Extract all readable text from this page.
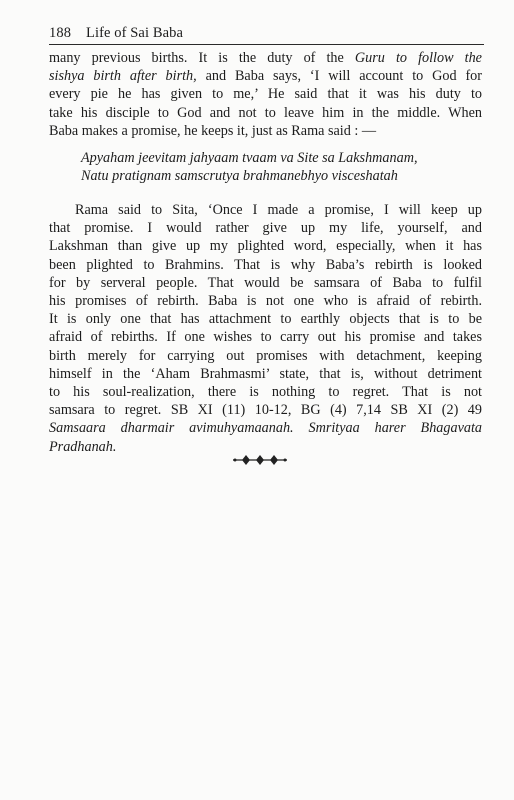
188 Life of Sai Baba
many previous births. It is the duty of the Guru to follow the
sishya birth after birth, and Baba says, ‘I will account to God for
every pie he has given to me,’ He said that it was his duty to
take his disciple to God and not to leave him in the middle. When
Baba makes a promise, he keeps it, just as Rama said : —
Apyaham jeevitam jahyaam tvaam va Site sa Lakshmanam,
Natu pratignam samscrutya brahmanebhyo visceshatah
Rama said to Sita, ‘Once I made a promise, I will keep up
that promise. I would rather give up my life, yourself, and
Lakshman than give up my plighted word, especially, when it has
been plighted to Brahmins. That is why Baba’s rebirth is looked
for by serveral people. That would be samsara of Baba to fulfil
his promises of rebirth. Baba is not one who is afraid of rebirth.
It is only one that has attachment to earthly objects that is to be
afraid of rebirths. If one wishes to carry out his promise and takes
birth merely for carrying out promises with detachment, keeping
himself in the ‘Aham Brahmasmi’ state, that is, without detriment
to his soul-realization, there is nothing to regret. That is not
samsara to regret. SB XI (11) 10-12, BG (4) 7,14 SB XI (2) 49
Samsaara dharmair avimuhyamaanah. Smrityaa harer Bhagavata
Pradhanah.
